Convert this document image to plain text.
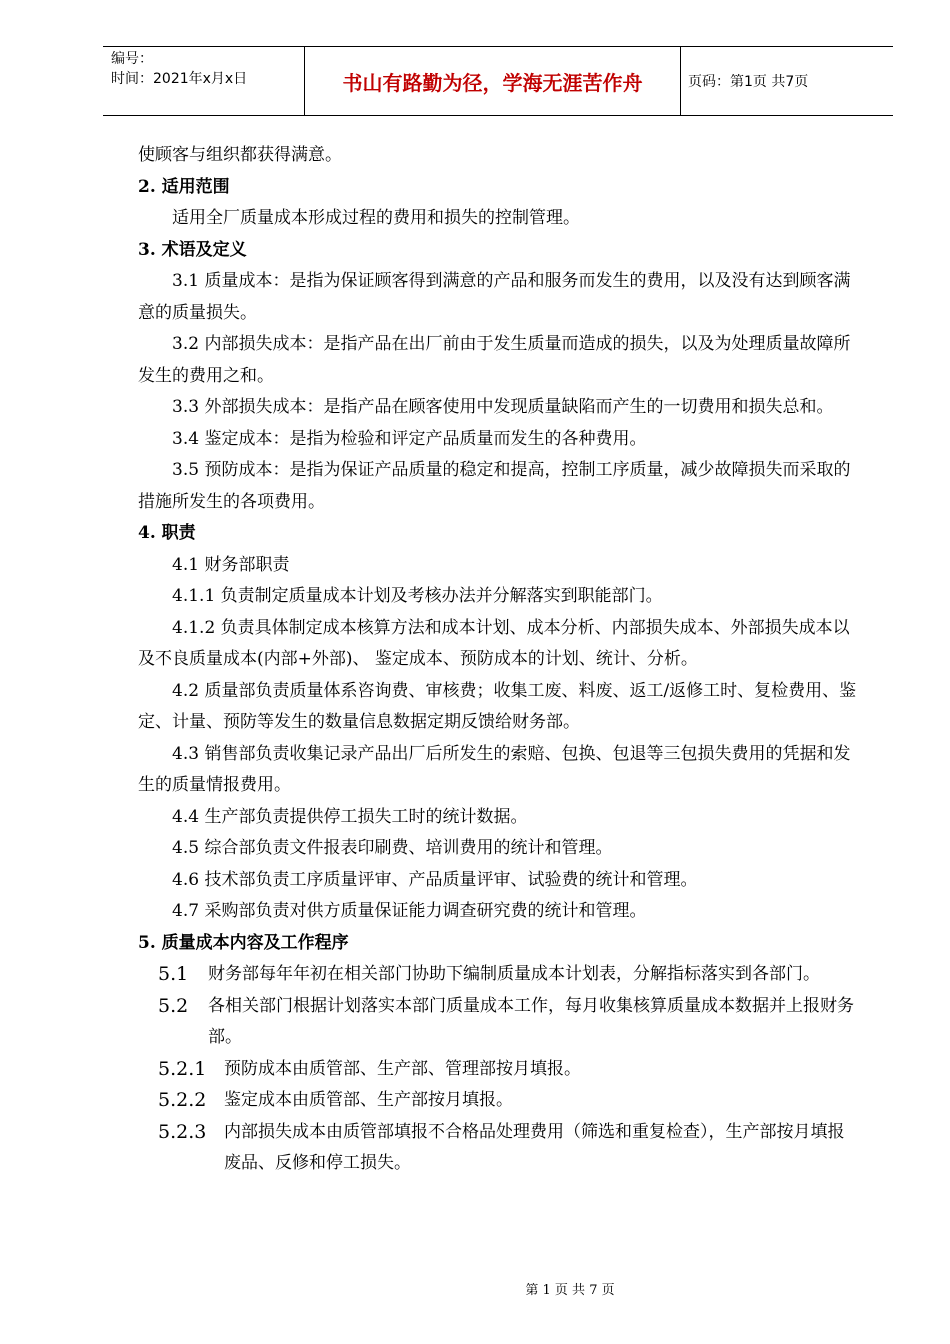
编号：
时间：2021年x月x日	书山有路勤为径，学海无涯苦作舟	页码：第1页 共7页

使顾客与组织都获得满意。

2. 适用范围

适用全厂质量成本形成过程的费用和损失的控制管理。

3. 术语及定义

3.1 质量成本：是指为保证顾客得到满意的产品和服务而发生的费用，以及没有达到顾客满意的质量损失。

3.2 内部损失成本：是指产品在出厂前由于发生质量而造成的损失，以及为处理质量故障所发生的费用之和。

3.3 外部损失成本：是指产品在顾客使用中发现质量缺陷而产生的一切费用和损失总和。

3.4 鉴定成本：是指为检验和评定产品质量而发生的各种费用。

3.5 预防成本：是指为保证产品质量的稳定和提高，控制工序质量，减少故障损失而采取的措施所发生的各项费用。

4. 职责

4.1 财务部职责

4.1.1 负责制定质量成本计划及考核办法并分解落实到职能部门。

4.1.2 负责具体制定成本核算方法和成本计划、成本分析、内部损失成本、外部损失成本以及不良质量成本(内部+外部)、 鉴定成本、预防成本的计划、统计、分析。

4.2 质量部负责质量体系咨询费、审核费；收集工废、料废、返工/返修工时、复检费用、鉴定、计量、预防等发生的数量信息数据定期反馈给财务部。

4.3 销售部负责收集记录产品出厂后所发生的索赔、包换、包退等三包损失费用的凭据和发生的质量情报费用。

4.4 生产部负责提供停工损失工时的统计数据。

4.5 综合部负责文件报表印刷费、培训费用的统计和管理。

4.6 技术部负责工序质量评审、产品质量评审、试验费的统计和管理。

4.7 采购部负责对供方质量保证能力调查研究费的统计和管理。

5. 质量成本内容及工作程序

5.1	财务部每年年初在相关部门协助下编制质量成本计划表，分解指标落实到各部门。
5.2	各相关部门根据计划落实本部门质量成本工作，每月收集核算质量成本数据并上报财务部。
5.2.1	预防成本由质管部、生产部、管理部按月填报。
5.2.2	鉴定成本由质管部、生产部按月填报。
5.2.3	内部损失成本由质管部填报不合格品处理费用（筛选和重复检查），生产部按月填报废品、反修和停工损失。
第 1 页 共 7 页
